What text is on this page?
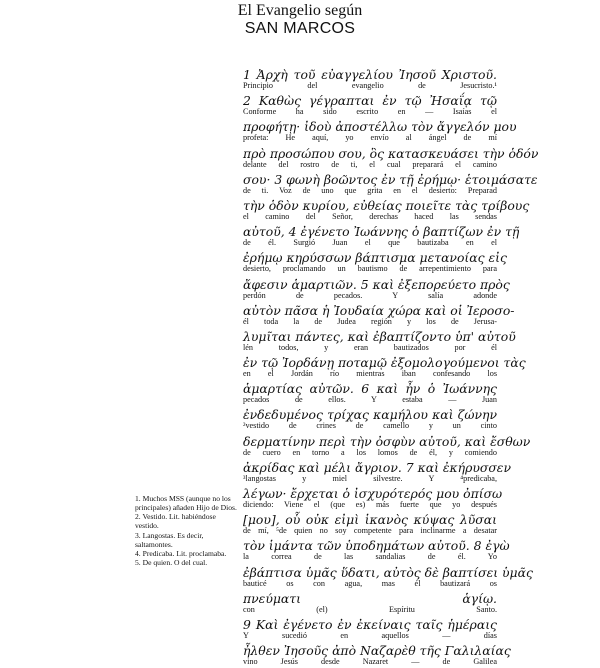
El Evangelio según
SAN MARCOS
1 Ἀρχὴ τοῦ εὐαγγελίου Ἰησοῦ Χριστοῦ.
Principio del evangelio de Jesucristo.¹
2 Καθὼς γέγραπται ἐν τῷ Ἠσαΐᾳ τῷ
Conforme ha sido escrito en — Isaías el
προφήτῃ· ἰδοὺ ἀποστέλλω τὸν ἄγγελόν μου
profeta: He aquí, yo envío al ángel de mí
πρὸ προσώπου σου, ὃς κατασκευάσει τὴν ὁδόν
delante del rostro de ti, el cual preparará el camino
σου· 3 φωνὴ βοῶντος ἐν τῇ ἐρήμῳ· ἑτοιμάσατε
de ti. Voz de uno que grita en el desierto: Preparad
τὴν ὁδὸν κυρίου, εὐθείας ποιεῖτε τὰς τρίβους
el camino del Señor, derechas haced las sendas
αὐτοῦ, 4 ἐγένετο Ἰωάννης ὁ βαπτίζων ἐν τῇ
de él. Surgió Juan el que bautizaba en el
ἐρήμῳ κηρύσσων βάπτισμα μετανοίας εἰς
desierto, proclamando un bautismo de arrepentimiento para
ἄφεσιν ἁμαρτιῶν. 5 καὶ ἐξεπορεύετο πρὸς
perdón de pecados. Y salía adonde
αὐτὸν πᾶσα ἡ Ἰουδαία χώρα καὶ οἱ Ἰεροσο-
él toda la de Judea región y los de Jerusa-
λυμῖται πάντες, καὶ ἐβαπτίζοντο ὑπ' αὐτοῦ
lén todos, y eran bautizados por él
ἐν τῷ Ἰορδάνῃ ποταμῷ ἐξομολογούμενοι τὰς
en el Jordán río mientras iban confesando los
ἁμαρτίας αὐτῶν. 6 καὶ ἦν ὁ Ἰωάννης
pecados de ellos. Y estaba — Juan
ἐνδεδυμένος τρίχας καμήλου καὶ ζώνην
²vestido de crines de camello y un cinto
δερματίνην περὶ τὴν ὀσφὺν αὐτοῦ, καὶ ἔσθων
de cuero en torno a los lomos de él, y comiendo
ἀκρίδας καὶ μέλι ἄγριον. 7 καὶ ἐκήρυσσεν
³langostas y miel silvestre. Y ⁴predicaba,
λέγων· ἔρχεται ὁ ἰσχυρότερός μου ὀπίσω
diciendo: Viene el (que es) más fuerte que yo después
[μου], οὗ οὐκ εἰμὶ ἱκανὸς κύψας λῦσαι
de mí, ⁵de quien no soy competente para inclinarme a desatar
τὸν ἱμάντα τῶν ὑποδημάτων αὐτοῦ. 8 ἐγὼ
la correa de las sandalias de él. Yo
ἐβάπτισα ὑμᾶς ὕδατι, αὐτὸς δὲ βαπτίσει ὑμᾶς
bauticé os con agua, mas él bautizará os
πνεύματι ἁγίῳ.
con (el) Espíritu Santo.
9 Καὶ ἐγένετο ἐν ἐκείναις ταῖς ἡμέραις
Y sucedió en aquellos — días
ἦλθεν Ἰησοῦς ἀπὸ Ναζαρὲθ τῆς Γαλιλαίας
vino Jesús desde Nazaret — de Galilea
1. Muchos MSS (aunque no los principales) añaden Hijo de Dios.
2. Vestido. Lit. habiéndose vestido.
3. Langostas. Es decir, saltamontes.
4. Predicaba. Lit. proclamaba.
5. De quien. O del cual.
